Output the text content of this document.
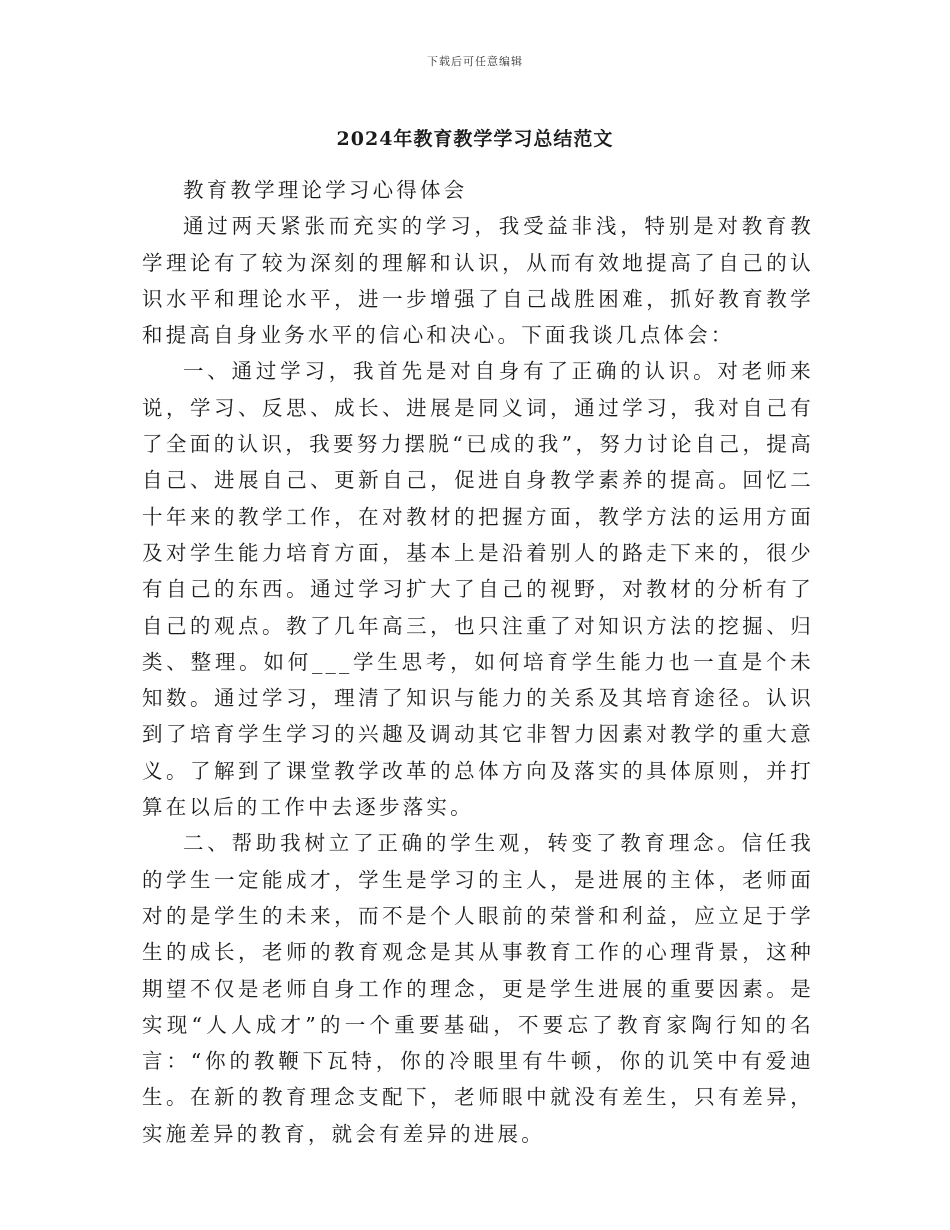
下载后可任意编辑
2024年教育教学学习总结范文

教育教学理论学习心得体会

通过两天紧张而充实的学习，我受益非浅，特别是对教育教学理论有了较为深刻的理解和认识，从而有效地提高了自己的认识水平和理论水平，进一步增强了自己战胜困难，抓好教育教学和提高自身业务水平的信心和决心。下面我谈几点体会：

一、通过学习，我首先是对自身有了正确的认识。对老师来说，学习、反思、成长、进展是同义词，通过学习，我对自己有了全面的认识，我要努力摆脱“已成的我”，努力讨论自己，提高自己、进展自己、更新自己，促进自身教学素养的提高。回忆二十年来的教学工作，在对教材的把握方面，教学方法的运用方面及对学生能力培育方面，基本上是沿着别人的路走下来的，很少有自己的东西。通过学习扩大了自己的视野，对教材的分析有了自己的观点。教了几年高三，也只注重了对知识方法的挖掘、归类、整理。如何___学生思考，如何培育学生能力也一直是个未知数。通过学习，理清了知识与能力的关系及其培育途径。认识到了培育学生学习的兴趣及调动其它非智力因素对教学的重大意义。了解到了课堂教学改革的总体方向及落实的具体原则，并打算在以后的工作中去逐步落实。

二、帮助我树立了正确的学生观，转变了教育理念。信任我的学生一定能成才，学生是学习的主人，是进展的主体，老师面对的是学生的未来，而不是个人眼前的荣誉和利益，应立足于学生的成长，老师的教育观念是其从事教育工作的心理背景，这种期望不仅是老师自身工作的理念，更是学生进展的重要因素。是实现“人人成才”的一个重要基础，不要忘了教育家陶行知的名言：“你的教鞭下瓦特，你的冷眼里有牛顿，你的讥笑中有爱迪生。在新的教育理念支配下，老师眼中就没有差生，只有差异，实施差异的教育，就会有差异的进展。
